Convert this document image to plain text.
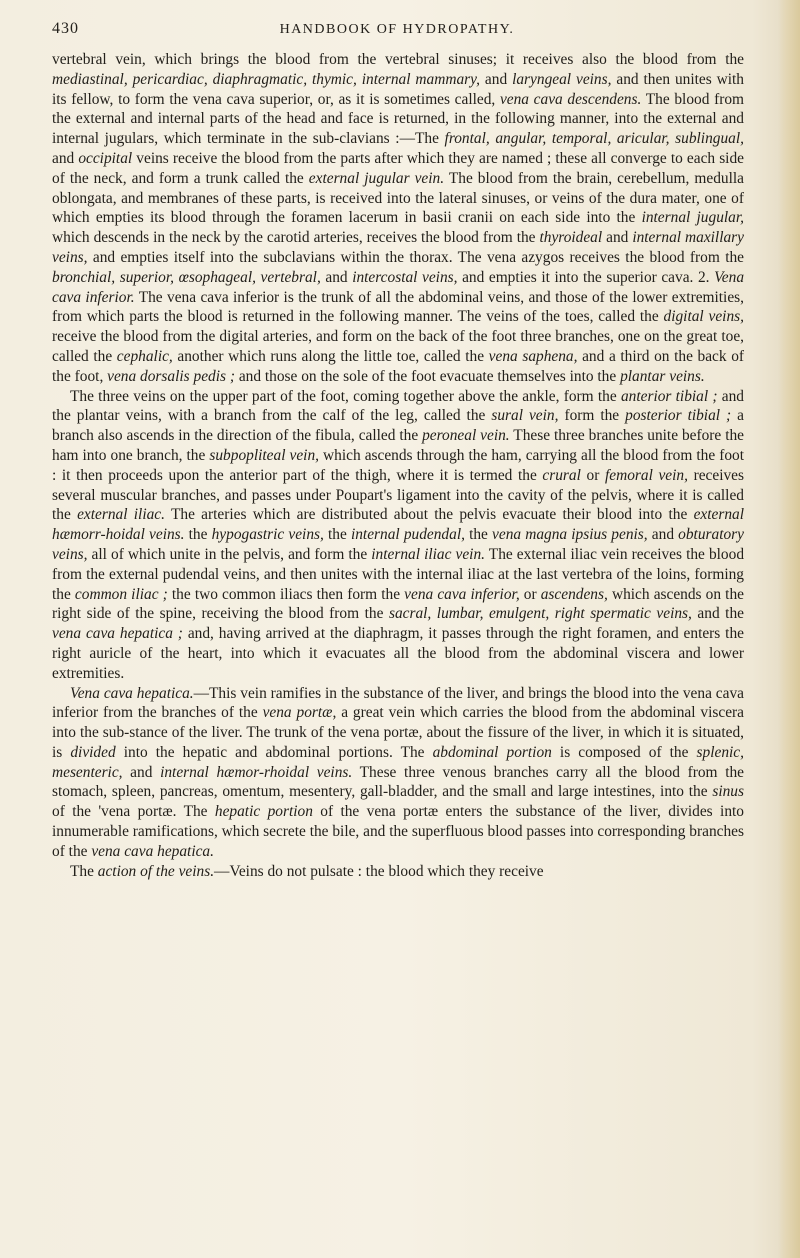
430	HANDBOOK OF HYDROPATHY.

vertebral vein, which brings the blood from the vertebral sinuses; it receives also the blood from the mediastinal, pericardiac, diaphragmatic, thymic, internal mammary, and laryngeal veins, and then unites with its fellow, to form the vena cava superior, or, as it is sometimes called, vena cava descendens. The blood from the external and internal parts of the head and face is returned, in the following manner, into the external and internal jugulars, which terminate in the sub-clavians :—The frontal, angular, temporal, aricular, sublingual, and occipital veins receive the blood from the parts after which they are named ; these all converge to each side of the neck, and form a trunk called the external jugular vein. The blood from the brain, cerebellum, medulla oblongata, and membranes of these parts, is received into the lateral sinuses, or veins of the dura mater, one of which empties its blood through the foramen lacerum in basii cranii on each side into the internal jugular, which descends in the neck by the carotid arteries, receives the blood from the thyroideal and internal maxillary veins, and empties itself into the subclavians within the thorax. The vena azygos receives the blood from the bronchial, superior, œsophageal, vertebral, and intercostal veins, and empties it into the superior cava. 2. Vena cava inferior. The vena cava inferior is the trunk of all the abdominal veins, and those of the lower extremities, from which parts the blood is returned in the following manner. The veins of the toes, called the digital veins, receive the blood from the digital arteries, and form on the back of the foot three branches, one on the great toe, called the cephalic, another which runs along the little toe, called the vena saphena, and a third on the back of the foot, vena dorsalis pedis ; and those on the sole of the foot evacuate themselves into the plantar veins.

The three veins on the upper part of the foot, coming together above the ankle, form the anterior tibial ; and the plantar veins, with a branch from the calf of the leg, called the sural vein, form the posterior tibial ; a branch also ascends in the direction of the fibula, called the peroneal vein. These three branches unite before the ham into one branch, the subpopliteal vein, which ascends through the ham, carrying all the blood from the foot : it then proceeds upon the anterior part of the thigh, where it is termed the crural or femoral vein, receives several muscular branches, and passes under Poupart's ligament into the cavity of the pelvis, where it is called the external iliac. The arteries which are distributed about the pelvis evacuate their blood into the external hæmorr-hoidal veins. the hypogastric veins, the internal pudendal, the vena magna ipsius penis, and obturatory veins, all of which unite in the pelvis, and form the internal iliac vein. The external iliac vein receives the blood from the external pudendal veins, and then unites with the internal iliac at the last vertebra of the loins, forming the common iliac ; the two common iliacs then form the vena cava inferior, or ascendens, which ascends on the right side of the spine, receiving the blood from the sacral, lumbar, emulgent, right spermatic veins, and the vena cava hepatica ; and, having arrived at the diaphragm, it passes through the right foramen, and enters the right auricle of the heart, into which it evacuates all the blood from the abdominal viscera and lower extremities.

Vena cava hepatica.—This vein ramifies in the substance of the liver, and brings the blood into the vena cava inferior from the branches of the vena portæ, a great vein which carries the blood from the abdominal viscera into the sub-stance of the liver. The trunk of the vena portæ, about the fissure of the liver, in which it is situated, is divided into the hepatic and abdominal portions. The abdominal portion is composed of the splenic, mesenteric, and internal hæmor-rhoidal veins. These three venous branches carry all the blood from the stomach, spleen, pancreas, omentum, mesentery, gall-bladder, and the small and large intestines, into the sinus of the 'vena portæ. The hepatic portion of the vena portæ enters the substance of the liver, divides into innumerable ramifications, which secrete the bile, and the superfluous blood passes into corresponding branches of the vena cava hepatica.

The action of the veins.—Veins do not pulsate : the blood which they receive
